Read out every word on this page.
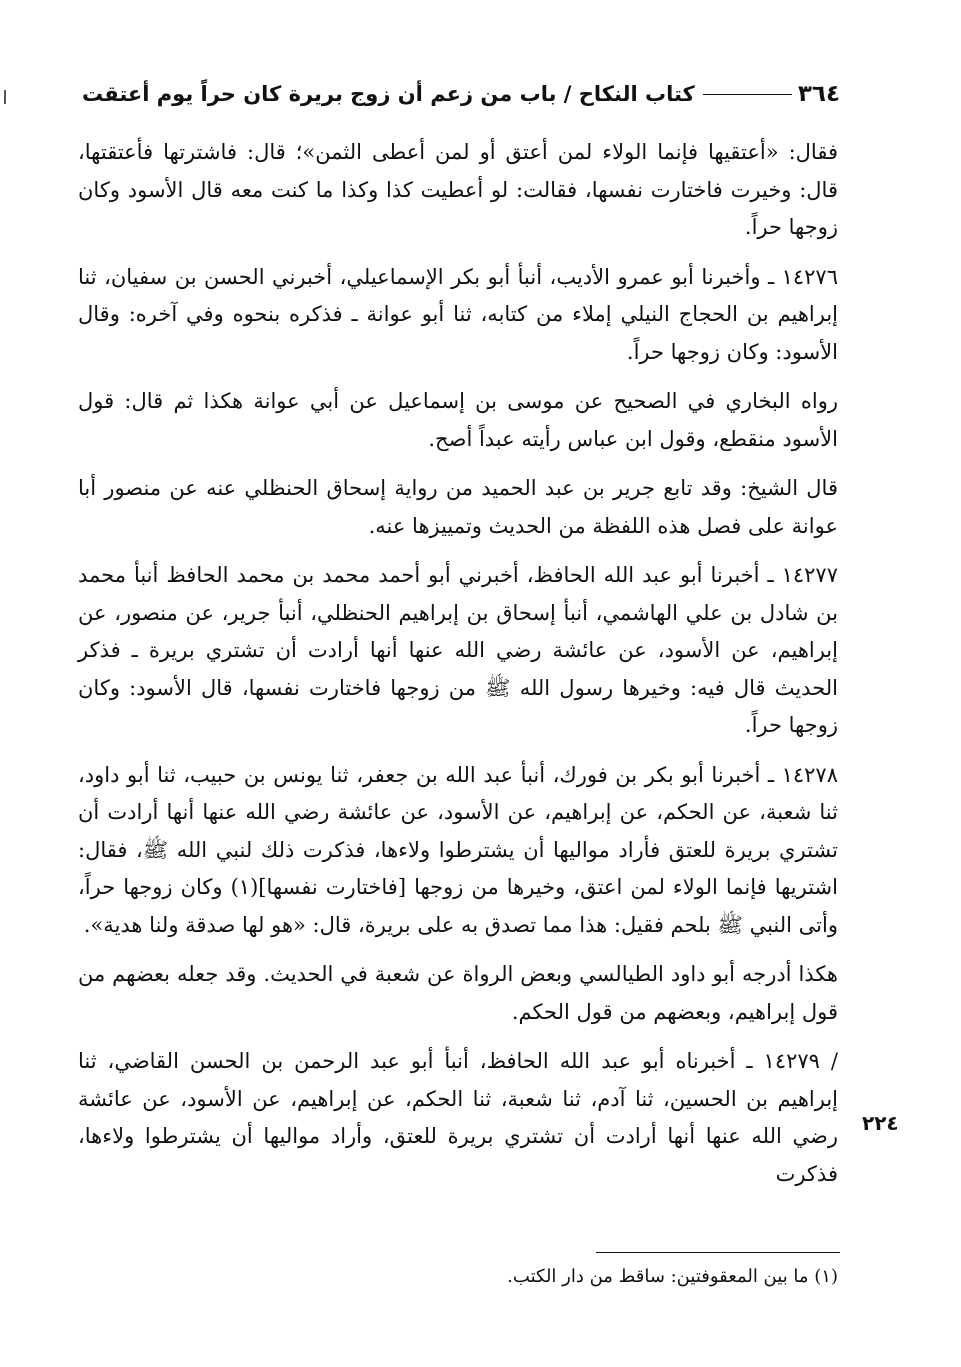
٣٦٤
كتاب النكاح / باب من زعم أن زوج بريرة كان حراً يوم أعتقت

فقال: «أعتقيها فإنما الولاء لمن أعتق أو لمن أعطى الثمن»؛ قال: فاشترتها فأعتقتها، قال: وخيرت فاختارت نفسها، فقالت: لو أعطيت كذا وكذا ما كنت معه قال الأسود وكان زوجها حراً.

١٤٢٧٦ ـ وأخبرنا أبو عمرو الأديب، أنبأ أبو بكر الإسماعيلي، أخبرني الحسن بن سفيان، ثنا إبراهيم بن الحجاج النيلي إملاء من كتابه، ثنا أبو عوانة ـ فذكره بنحوه وفي آخره: وقال الأسود: وكان زوجها حراً.

رواه البخاري في الصحيح عن موسى بن إسماعيل عن أبي عوانة هكذا ثم قال: قول الأسود منقطع، وقول ابن عباس رأيته عبداً أصح.

قال الشيخ: وقد تابع جرير بن عبد الحميد من رواية إسحاق الحنظلي عنه عن منصور أبا عوانة على فصل هذه اللفظة من الحديث وتمييزها عنه.

١٤٢٧٧ ـ أخبرنا أبو عبد الله الحافظ، أخبرني أبو أحمد محمد بن محمد الحافظ أنبأ محمد بن شادل بن علي الهاشمي، أنبأ إسحاق بن إبراهيم الحنظلي، أنبأ جرير، عن منصور، عن إبراهيم، عن الأسود، عن عائشة رضي الله عنها أنها أرادت أن تشتري بريرة ـ فذكر الحديث قال فيه: وخيرها رسول الله ﷺ من زوجها فاختارت نفسها، قال الأسود: وكان زوجها حراً.

١٤٢٧٨ ـ أخبرنا أبو بكر بن فورك، أنبأ عبد الله بن جعفر، ثنا يونس بن حبيب، ثنا أبو داود، ثنا شعبة، عن الحكم، عن إبراهيم، عن الأسود، عن عائشة رضي الله عنها أنها أرادت أن تشتري بريرة للعتق فأراد مواليها أن يشترطوا ولاءها، فذكرت ذلك لنبي الله ﷺ، فقال: اشتريها فإنما الولاء لمن اعتق، وخيرها من زوجها [فاختارت نفسها](١) وكان زوجها حراً، وأتى النبي ﷺ بلحم فقيل: هذا مما تصدق به على بريرة، قال: «هو لها صدقة ولنا هدية».

هكذا أدرجه أبو داود الطيالسي وبعض الرواة عن شعبة في الحديث. وقد جعله بعضهم من قول إبراهيم، وبعضهم من قول الحكم.

/ ١٤٢٧٩ ـ أخبرناه أبو عبد الله الحافظ، أنبأ أبو عبد الرحمن بن الحسن القاضي، ثنا إبراهيم بن الحسين، ثنا آدم، ثنا شعبة، ثنا الحكم، عن إبراهيم، عن الأسود، عن عائشة رضي الله عنها أنها أرادت أن تشتري بريرة للعتق، وأراد مواليها أن يشترطوا ولاءها، فذكرت

٢٢٤
(١) ما بين المعقوفتين: ساقط من دار الكتب.
